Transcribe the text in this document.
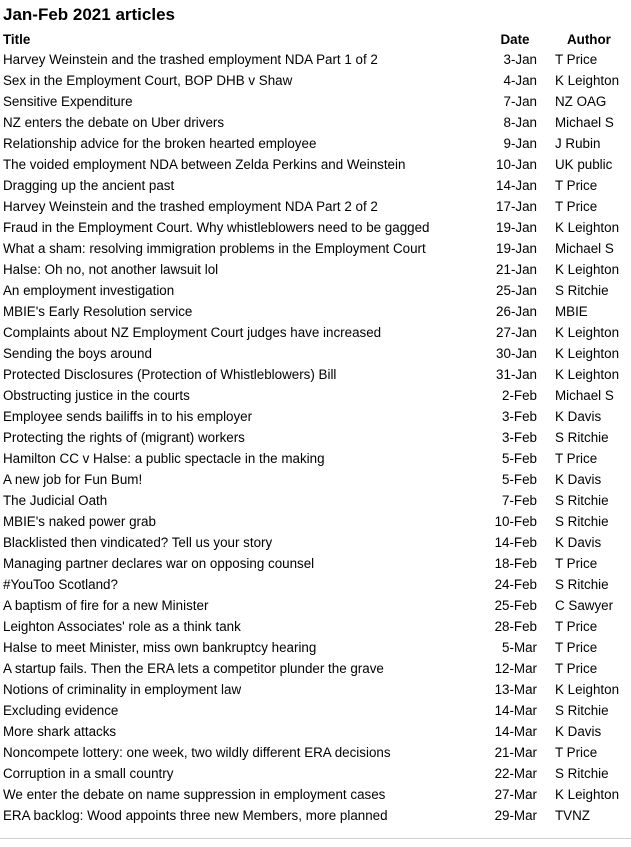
Jan-Feb 2021 articles
Title	Date		Author
Harvey Weinstein and the trashed employment NDA Part 1 of 2	3-Jan		T Price
Sex in the Employment Court, BOP DHB v Shaw	4-Jan		K Leighton
Sensitive Expenditure	7-Jan		NZ OAG
NZ enters the debate on Uber drivers	8-Jan		Michael S
Relationship advice for the broken hearted employee	9-Jan		J Rubin
The voided employment NDA between Zelda Perkins and Weinstein	10-Jan		UK public
Dragging up the ancient past	14-Jan		T Price
Harvey Weinstein and the trashed employment NDA Part 2 of 2	17-Jan		T Price
Fraud in the Employment Court. Why whistleblowers need to be gagged	19-Jan		K Leighton
What a sham: resolving immigration problems in the Employment Court	19-Jan		Michael S
Halse: Oh no, not another lawsuit lol	21-Jan		K Leighton
An employment investigation	25-Jan		S Ritchie
MBIE's Early Resolution service	26-Jan		MBIE
Complaints about NZ Employment Court judges have increased	27-Jan		K Leighton
Sending the boys around	30-Jan		K Leighton
Protected Disclosures (Protection of Whistleblowers) Bill	31-Jan		K Leighton
Obstructing justice in the courts	2-Feb		Michael S
Employee sends bailiffs in to his employer	3-Feb		K Davis
Protecting the rights of (migrant) workers	3-Feb		S Ritchie
Hamilton CC v Halse: a public spectacle in the making	5-Feb		T Price
A new job for Fun Bum!	5-Feb		K Davis
The Judicial Oath	7-Feb		S Ritchie
MBIE's naked power grab	10-Feb		S Ritchie
Blacklisted then vindicated? Tell us your story	14-Feb		K Davis
Managing partner declares war on opposing counsel	18-Feb		T Price
#YouToo Scotland?	24-Feb		S Ritchie
A baptism of fire for a new Minister	25-Feb		C Sawyer
Leighton Associates' role as a think tank	28-Feb		T Price
Halse to meet Minister, miss own bankruptcy hearing	5-Mar		T Price
A startup fails. Then the ERA lets a competitor plunder the grave	12-Mar		T Price
Notions of criminality in employment law	13-Mar		K Leighton
Excluding evidence	14-Mar		S Ritchie
More shark attacks	14-Mar		K Davis
Noncompete lottery: one week, two wildly different ERA decisions	21-Mar		T Price
Corruption in a small country	22-Mar		S Ritchie
We enter the debate on name suppression in employment cases	27-Mar		K Leighton
ERA backlog: Wood appoints three new Members, more planned	29-Mar		TVNZ
